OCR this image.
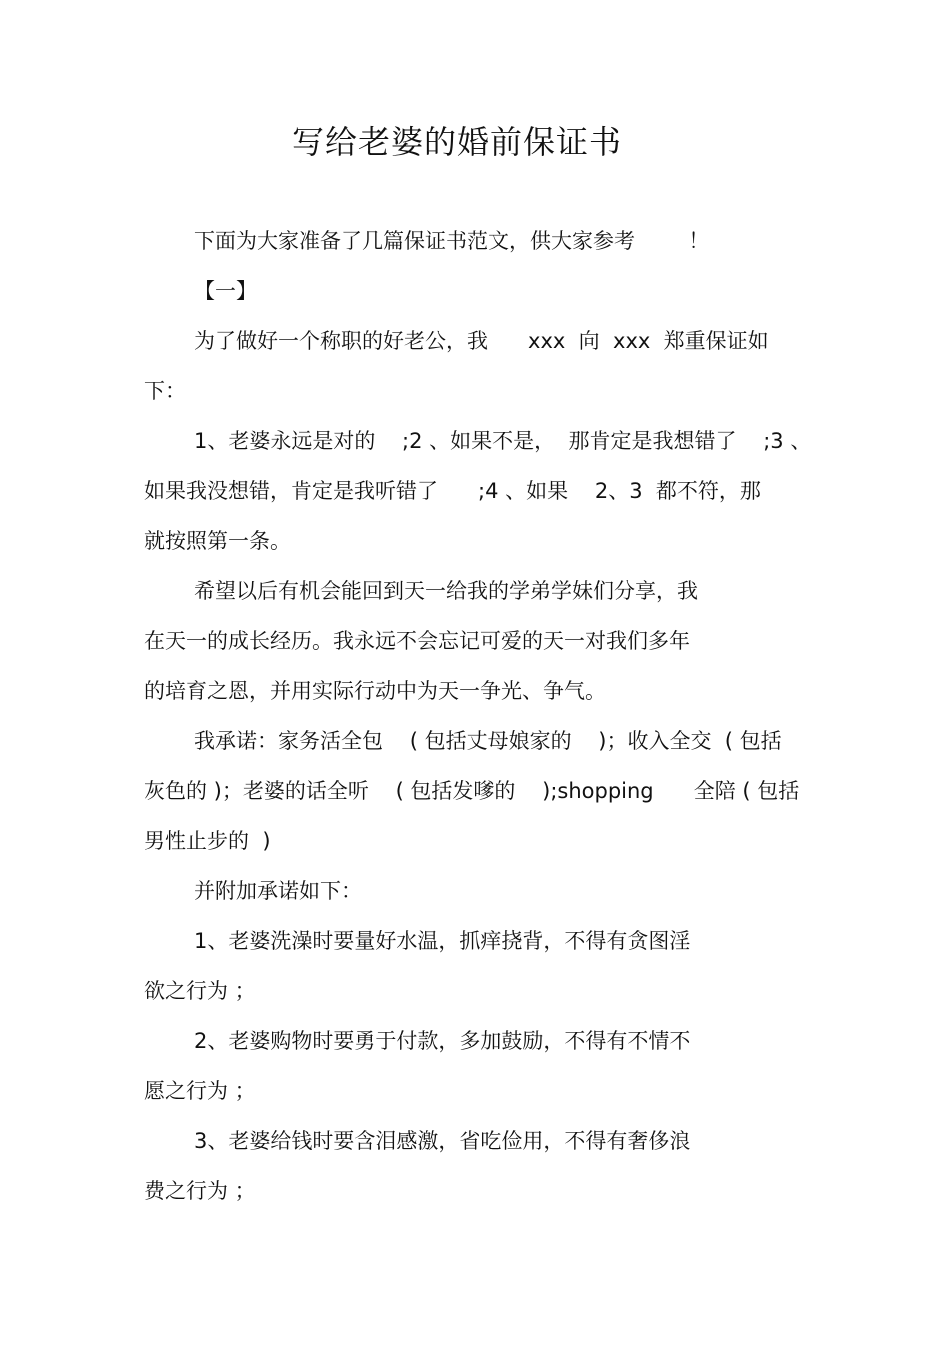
写给老婆的婚前保证书

下面为大家准备了几篇保证书范文，供大家参考        ！

【一】

为了做好一个称职的好老公，我      xxx  向  xxx  郑重保证如

下：

1、老婆永远是对的    ;2 、如果不是，  那肯定是我想错了    ;3 、

如果我没想错，肯定是我听错了      ;4 、如果    2、3  都不符，那

就按照第一条。

希望以后有机会能回到天一给我的学弟学妹们分享，我

在天一的成长经历。我永远不会忘记可爱的天一对我们多年

的培育之恩，并用实际行动中为天一争光、争气。

我承诺：家务活全包    ( 包括丈母娘家的    )；收入全交  ( 包括

灰色的 )；老婆的话全听    ( 包括发嗲的    );shopping      全陪 ( 包括

男性止步的  )

并附加承诺如下：

1、老婆洗澡时要量好水温，抓痒挠背，不得有贪图淫

欲之行为 ；

2、老婆购物时要勇于付款，多加鼓励，不得有不情不

愿之行为 ；

3、老婆给钱时要含泪感激，省吃俭用，不得有奢侈浪

费之行为 ；
